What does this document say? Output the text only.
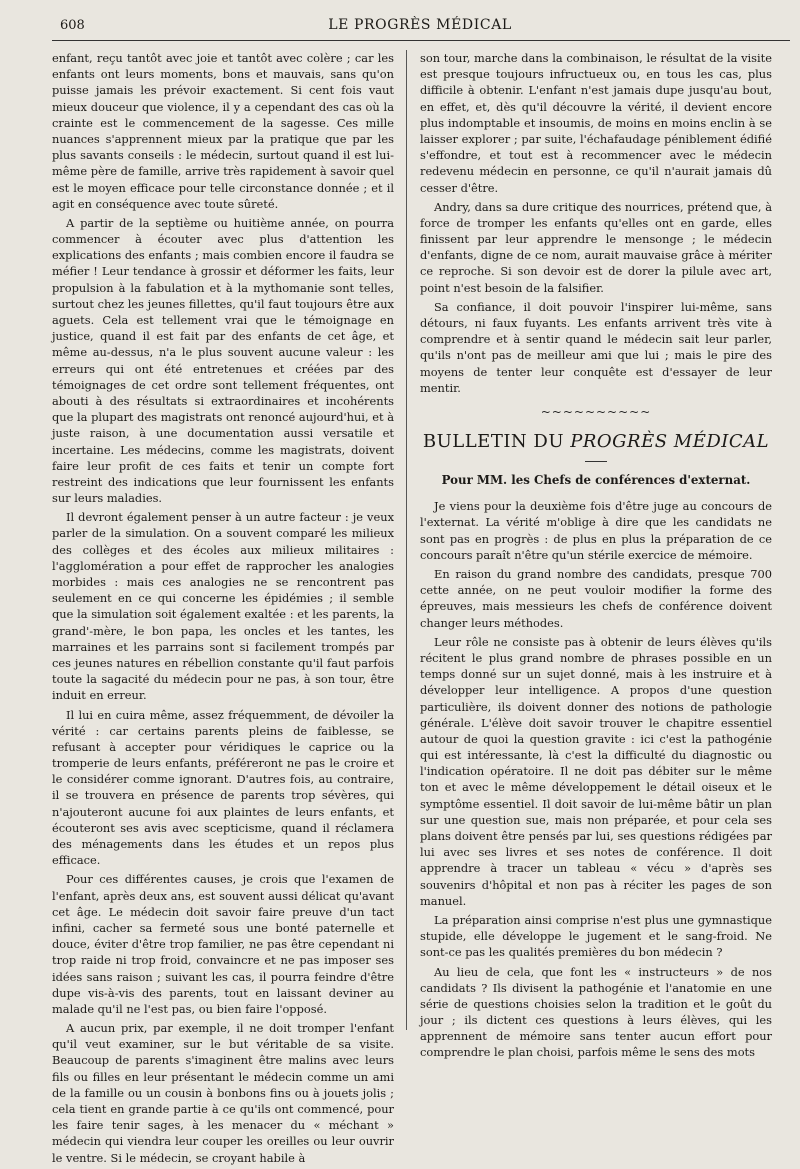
608	LE PROGRÈS MÉDICAL

enfant, reçu tantôt avec joie et tantôt avec colère ; car les enfants ont leurs moments, bons et mauvais, sans qu'on puisse jamais les prévoir exactement. Si cent fois vaut mieux douceur que violence, il y a cependant des cas où la crainte est le commencement de la sagesse. Ces mille nuances s'apprennent mieux par la pratique que par les plus savants conseils : le médecin, surtout quand il est lui-même père de famille, arrive très rapidement à savoir quel est le moyen efficace pour telle circonstance donnée ; et il agit en conséquence avec toute sûreté.

A partir de la septième ou huitième année, on pourra commencer à écouter avec plus d'attention les explications des enfants ; mais combien encore il faudra se méfier ! Leur tendance à grossir et déformer les faits, leur propulsion à la fabulation et à la mythomanie sont telles, surtout chez les jeunes fillettes, qu'il faut toujours être aux aguets. Cela est tellement vrai que le témoignage en justice, quand il est fait par des enfants de cet âge, et même au-dessus, n'a le plus souvent aucune valeur : les erreurs qui ont été entretenues et créées par des témoignages de cet ordre sont tellement fréquentes, ont abouti à des résultats si extraordinaires et incohérents que la plupart des magistrats ont renoncé aujourd'hui, et à juste raison, à une documentation aussi versatile et incertaine. Les médecins, comme les magistrats, doivent faire leur profit de ces faits et tenir un compte fort restreint des indications que leur fournissent les enfants sur leurs maladies.

Il devront également penser à un autre facteur : je veux parler de la simulation. On a souvent comparé les milieux des collèges et des écoles aux milieux militaires : l'agglomération a pour effet de rapprocher les analogies morbides : mais ces analogies ne se rencontrent pas seulement en ce qui concerne les épidémies ; il semble que la simulation soit également exaltée : et les parents, la grand'-mère, le bon papa, les oncles et les tantes, les marraines et les parrains sont si facilement trompés par ces jeunes natures en rébellion constante qu'il faut parfois toute la sagacité du médecin pour ne pas, à son tour, être induit en erreur.

Il lui en cuira même, assez fréquemment, de dévoiler la vérité : car certains parents pleins de faiblesse, se refusant à accepter pour véridiques le caprice ou la tromperie de leurs enfants, préféreront ne pas le croire et le considérer comme ignorant. D'autres fois, au contraire, il se trouvera en présence de parents trop sévères, qui n'ajouteront aucune foi aux plaintes de leurs enfants, et écouteront ses avis avec scepticisme, quand il réclamera des ménagements dans les études et un repos plus efficace.

Pour ces différentes causes, je crois que l'examen de l'enfant, après deux ans, est souvent aussi délicat qu'avant cet âge. Le médecin doit savoir faire preuve d'un tact infini, cacher sa fermeté sous une bonté paternelle et douce, éviter d'être trop familier, ne pas être cependant ni trop raide ni trop froid, convaincre et ne pas imposer ses idées sans raison ; suivant les cas, il pourra feindre d'être dupe vis-à-vis des parents, tout en laissant deviner au malade qu'il ne l'est pas, ou bien faire l'opposé.

A aucun prix, par exemple, il ne doit tromper l'enfant qu'il veut examiner, sur le but véritable de sa visite. Beaucoup de parents s'imaginent être malins avec leurs fils ou filles en leur présentant le médecin comme un ami de la famille ou un cousin à bonbons fins ou à jouets jolis ; cela tient en grande partie à ce qu'ils ont commencé, pour les faire tenir sages, à les menacer du « méchant » médecin qui viendra leur couper les oreilles ou leur ouvrir le ventre. Si le médecin, se croyant habile à

son tour, marche dans la combinaison, le résultat de la visite est presque toujours infructueux ou, en tous les cas, plus difficile à obtenir. L'enfant n'est jamais dupe jusqu'au bout, en effet, et, dès qu'il découvre la vérité, il devient encore plus indomptable et insoumis, de moins en moins enclin à se laisser explorer ; par suite, l'échafaudage péniblement édifié s'effondre, et tout est à recommencer avec le médecin redevenu médecin en personne, ce qu'il n'aurait jamais dû cesser d'être.

Andry, dans sa dure critique des nourrices, prétend que, à force de tromper les enfants qu'elles ont en garde, elles finissent par leur apprendre le mensonge ; le médecin d'enfants, digne de ce nom, aurait mauvaise grâce à mériter ce reproche. Si son devoir est de dorer la pilule avec art, point n'est besoin de la falsifier.

Sa confiance, il doit pouvoir l'inspirer lui-même, sans détours, ni faux fuyants. Les enfants arrivent très vite à comprendre et à sentir quand le médecin sait leur parler, qu'ils n'ont pas de meilleur ami que lui ; mais le pire des moyens de tenter leur conquête est d'essayer de leur mentir.

~~~~~~~~~~
BULLETIN DU PROGRÈS MÉDICAL
Pour MM. les Chefs de conférences d'externat.

Je viens pour la deuxième fois d'être juge au concours de l'externat. La vérité m'oblige à dire que les candidats ne sont pas en progrès : de plus en plus la préparation de ce concours paraît n'être qu'un stérile exercice de mémoire.

En raison du grand nombre des candidats, presque 700 cette année, on ne peut vouloir modifier la forme des épreuves, mais messieurs les chefs de conférence doivent changer leurs méthodes.

Leur rôle ne consiste pas à obtenir de leurs élèves qu'ils récitent le plus grand nombre de phrases possible en un temps donné sur un sujet donné, mais à les instruire et à développer leur intelligence. A propos d'une question particulière, ils doivent donner des notions de pathologie générale. L'élève doit savoir trouver le chapitre essentiel autour de quoi la question gravite : ici c'est la pathogénie qui est intéressante, là c'est la difficulté du diagnostic ou l'indication opératoire. Il ne doit pas débiter sur le même ton et avec le même développement le détail oiseux et le symptôme essentiel. Il doit savoir de lui-même bâtir un plan sur une question sue, mais non préparée, et pour cela ses plans doivent être pensés par lui, ses questions rédigées par lui avec ses livres et ses notes de conférence. Il doit apprendre à tracer un tableau « vécu » d'après ses souvenirs d'hôpital et non pas à réciter les pages de son manuel.

La préparation ainsi comprise n'est plus une gymnastique stupide, elle développe le jugement et le sang-froid. Ne sont-ce pas les qualités premières du bon médecin ?

Au lieu de cela, que font les « instructeurs » de nos candidats ? Ils divisent la pathogénie et l'anatomie en une série de questions choisies selon la tradition et le goût du jour ; ils dictent ces questions à leurs élèves, qui les apprennent de mémoire sans tenter aucun effort pour comprendre le plan choisi, parfois même le sens des mots
